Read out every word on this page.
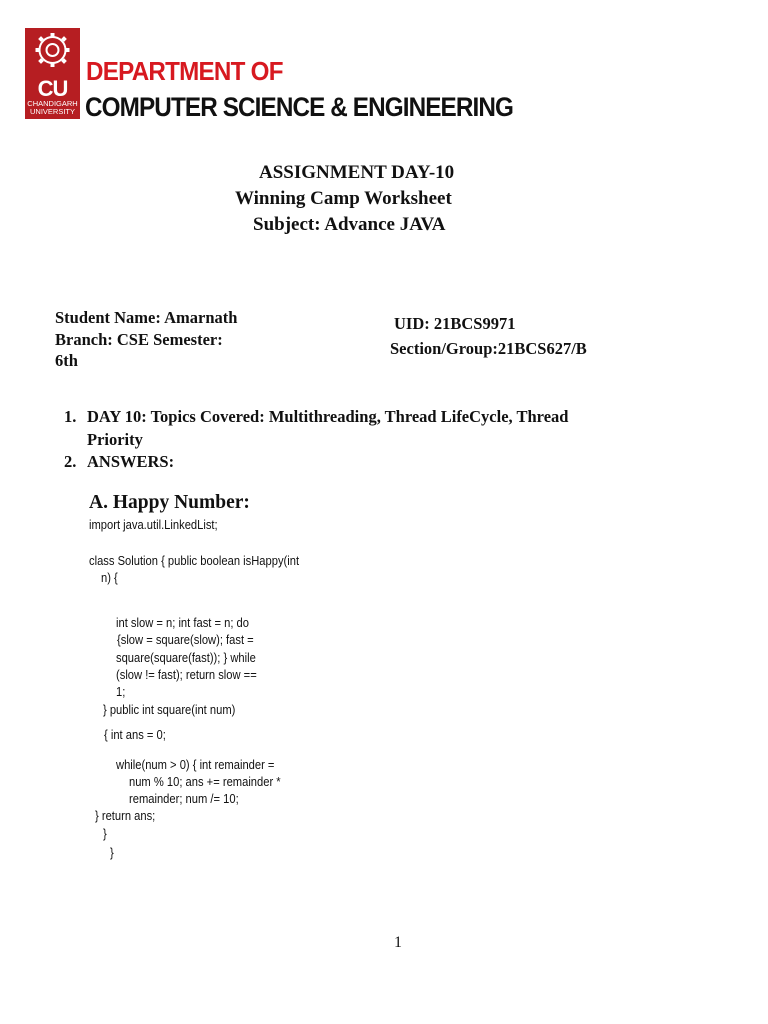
CU
CHANDIGARH UNIVERSITY
DEPARTMENT OF
COMPUTER SCIENCE & ENGINEERING
ASSIGNMENT DAY-10
Winning Camp Worksheet
Subject: Advance JAVA
Student Name: Amarnath
Branch: CSE Semester:
6th
UID: 21BCS9971
Section/Group:21BCS627/B
1. DAY 10: Topics Covered: Multithreading, Thread LifeCycle, Thread
Priority
2. ANSWERS:
A. Happy Number:
import java.util.LinkedList;
class Solution { public boolean isHappy(int
n) {
int slow = n; int fast = n; do
{slow = square(slow); fast =
square(square(fast)); } while
(slow != fast); return slow ==
1;
} public int square(int num)
{ int ans = 0;
while(num > 0) { int remainder =
num % 10; ans += remainder *
remainder; num /= 10;
} return ans;
}
}
1
